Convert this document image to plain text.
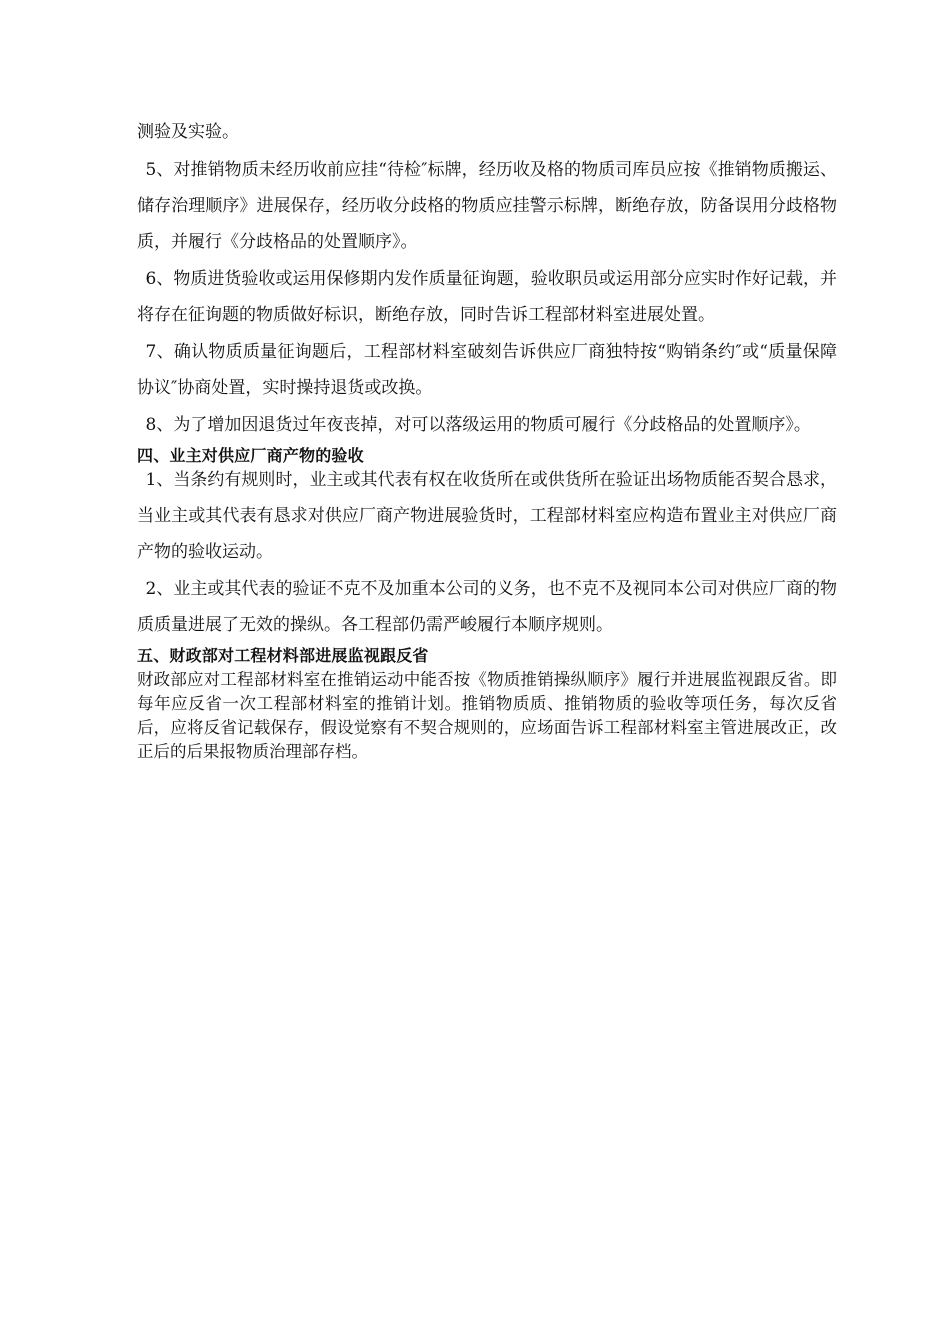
测验及实验。

5、对推销物质未经历收前应挂“待检″标牌，经历收及格的物质司库员应按《推销物质搬运、储存治理顺序》进展保存，经历收分歧格的物质应挂警示标牌，断绝存放，防备误用分歧格物质，并履行《分歧格品的处置顺序》。

6、物质进货验收或运用保修期内发作质量征询题，验收职员或运用部分应实时作好记载，并将存在征询题的物质做好标识，断绝存放，同时告诉工程部材料室进展处置。

7、确认物质质量征询题后，工程部材料室破刻告诉供应厂商独特按“购销条约″或“质量保障协议″协商处置，实时操持退货或改换。

8、为了增加因退货过年夜丧掉，对可以落级运用的物质可履行《分歧格品的处置顺序》。

四、业主对供应厂商产物的验收

1、当条约有规则时，业主或其代表有权在收货所在或供货所在验证出场物质能否契合恳求，当业主或其代表有恳求对供应厂商产物进展验货时，工程部材料室应构造布置业主对供应厂商产物的验收运动。

2、业主或其代表的验证不克不及加重本公司的义务，也不克不及视同本公司对供应厂商的物质质量进展了无效的操纵。各工程部仍需严峻履行本顺序规则。

五、财政部对工程材料部进展监视跟反省

财政部应对工程部材料室在推销运动中能否按《物质推销操纵顺序》履行并进展监视跟反省。即每年应反省一次工程部材料室的推销计划。推销物质质、推销物质的验收等项任务，每次反省后，应将反省记载保存，假设觉察有不契合规则的，应场面告诉工程部材料室主管进展改正，改正后的后果报物质治理部存档。
